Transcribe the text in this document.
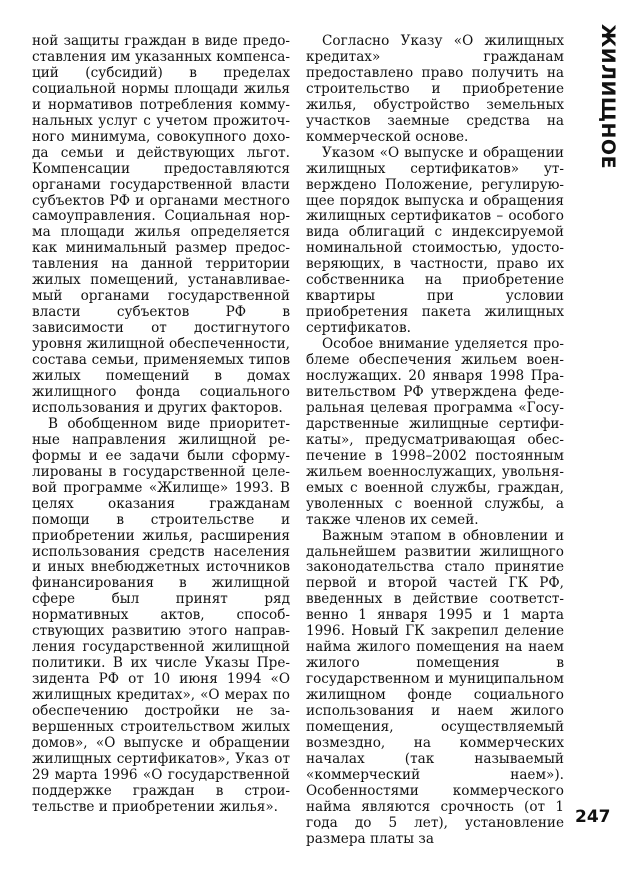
ной защиты граждан в виде предоставления им указанных компенсаций (субсидий) в пределах социальной нормы площади жилья и нормативов потребления коммунальных услуг с учетом прожиточного минимума, совокупного дохода семьи и действующих льгот. Компенсации предоставляются органами государственной власти субъектов РФ и органами местного самоуправления. Социальная норма площади жилья определяется как минимальный размер предоставления на данной территории жилых помещений, устанавливаемый органами государственной власти субъектов РФ в зависимости от достигнутого уровня жилищной обеспеченности, состава семьи, применяемых типов жилых помещений в домах жилищного фонда социального использования и других факторов.

В обобщенном виде приоритетные направления жилищной реформы и ее задачи были сформулированы в государственной целевой программе «Жилище» 1993. В целях оказания гражданам помощи в строительстве и приобретении жилья, расширения использования средств населения и иных внебюджетных источников финансирования в жилищной сфере был принят ряд нормативных актов, способствующих развитию этого направления государственной жилищной политики. В их числе Указы Президента РФ от 10 июня 1994 «О жилищных кредитах», «О мерах по обеспечению достройки не завершенных строительством жилых домов», «О выпуске и обращении жилищных сертификатов», Указ от 29 марта 1996 «О государственной поддержке граждан в строительстве и приобретении жилья».

Согласно Указу «О жилищных кредитах» гражданам предоставлено право получить на строительство и приобретение жилья, обустройство земельных участков заемные средства на коммерческой основе.

Указом «О выпуске и обращении жилищных сертификатов» утверждено Положение, регулирующее порядок выпуска и обращения жилищных сертификатов – особого вида облигаций с индексируемой номинальной стоимостью, удостоверяющих, в частности, право их собственника на приобретение квартиры при условии приобретения пакета жилищных сертификатов.

Особое внимание уделяется проблеме обеспечения жильем военнослужащих. 20 января 1998 Правительством РФ утверждена федеральная целевая программа «Государственные жилищные сертификаты», предусматривающая обеспечение в 1998–2002 постоянным жильем военнослужащих, увольняемых с военной службы, граждан, уволенных с военной службы, а также членов их семей.

Важным этапом в обновлении и дальнейшем развитии жилищного законодательства стало принятие первой и второй частей ГК РФ, введенных в действие соответственно 1 января 1995 и 1 марта 1996. Новый ГК закрепил деление найма жилого помещения на наем жилого помещения в государственном и муниципальном жилищном фонде социального использования и наем жилого помещения, осуществляемый возмездно, на коммерческих началах (так называемый «коммерческий наем»). Особенностями коммерческого найма являются срочность (от 1 года до 5 лет), установление размера платы за

ЖИЛИЩНОЕ
247
